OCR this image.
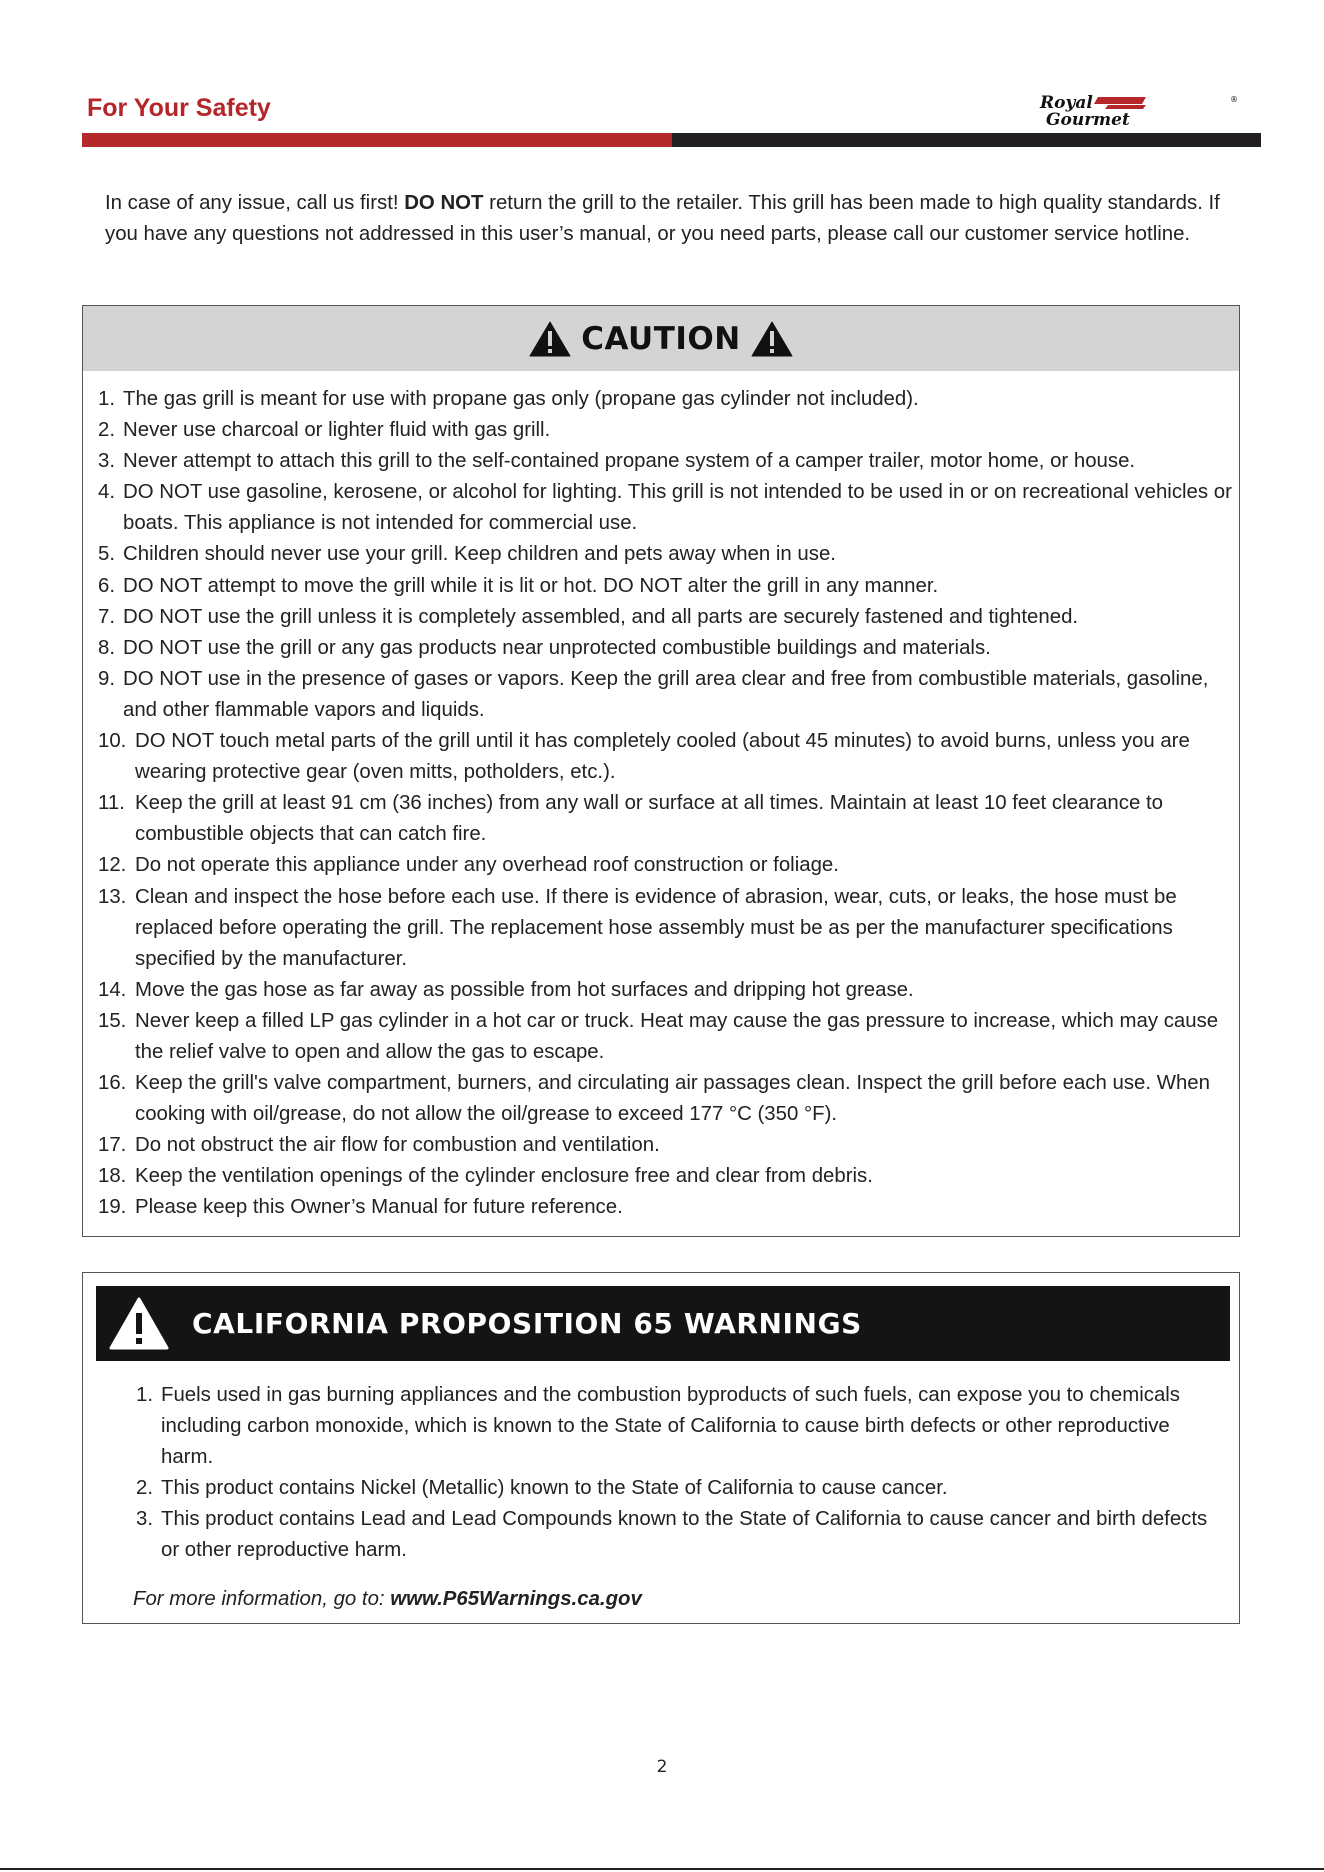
For Your Safety	Royal
Gourmet
®
In case of any issue, call us first! DO NOT return the grill to the retailer. This grill has been made to high quality standards. If you have any questions not addressed in this user’s manual, or you need parts, please call our customer service hotline.
CAUTION
1. The gas grill is meant for use with propane gas only (propane gas cylinder not included).
2. Never use charcoal or lighter fluid with gas grill.
3. Never attempt to attach this grill to the self-contained propane system of a camper trailer, motor home, or house.
4. DO NOT use gasoline, kerosene, or alcohol for lighting. This grill is not intended to be used in or on recreational vehicles or boats. This appliance is not intended for commercial use.
5. Children should never use your grill. Keep children and pets away when in use.
6. DO NOT attempt to move the grill while it is lit or hot. DO NOT alter the grill in any manner.
7. DO NOT use the grill unless it is completely assembled, and all parts are securely fastened and tightened.
8. DO NOT use the grill or any gas products near unprotected combustible buildings and materials.
9. DO NOT use in the presence of gases or vapors. Keep the grill area clear and free from combustible materials, gasoline, and other flammable vapors and liquids.
10. DO NOT touch metal parts of the grill until it has completely cooled (about 45 minutes) to avoid burns, unless you are wearing protective gear (oven mitts, potholders, etc.).
11. Keep the grill at least 91 cm (36 inches) from any wall or surface at all times. Maintain at least 10 feet clearance to combustible objects that can catch fire.
12. Do not operate this appliance under any overhead roof construction or foliage.
13. Clean and inspect the hose before each use. If there is evidence of abrasion, wear, cuts, or leaks, the hose must be replaced before operating the grill. The replacement hose assembly must be as per the manufacturer specifications specified by the manufacturer.
14. Move the gas hose as far away as possible from hot surfaces and dripping hot grease.
15. Never keep a filled LP gas cylinder in a hot car or truck. Heat may cause the gas pressure to increase, which may cause the relief valve to open and allow the gas to escape.
16. Keep the grill's valve compartment, burners, and circulating air passages clean. Inspect the grill before each use. When cooking with oil/grease, do not allow the oil/grease to exceed 177 °C (350 °F).
17. Do not obstruct the air flow for combustion and ventilation.
18. Keep the ventilation openings of the cylinder enclosure free and clear from debris.
19. Please keep this Owner’s Manual for future reference.
CALIFORNIA PROPOSITION 65 WARNINGS
1. Fuels used in gas burning appliances and the combustion byproducts of such fuels, can expose you to chemicals including carbon monoxide, which is known to the State of California to cause birth defects or other reproductive harm.
2. This product contains Nickel (Metallic) known to the State of California to cause cancer.
3. This product contains Lead and Lead Compounds known to the State of California to cause cancer and birth defects or other reproductive harm.
For more information, go to: www.P65Warnings.ca.gov
2
